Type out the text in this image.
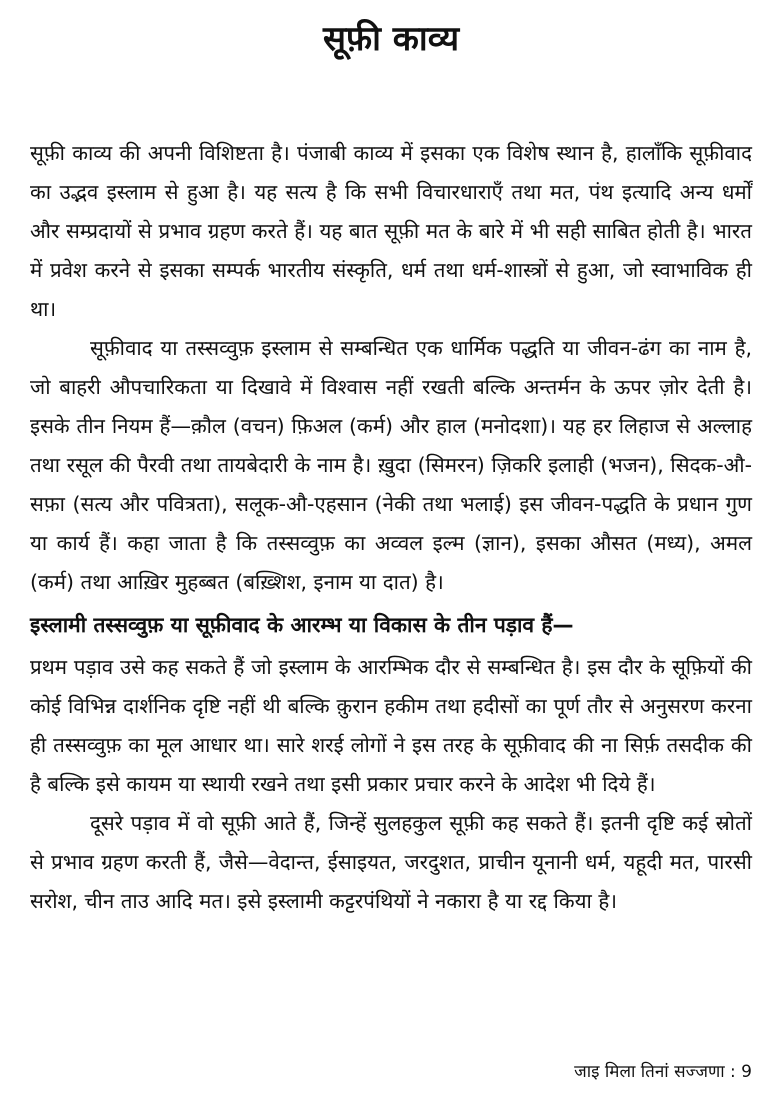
सूफ़ी काव्य

सूफ़ी काव्य की अपनी विशिष्टता है। पंजाबी काव्य में इसका एक विशेष स्थान है, हालाँकि सूफ़ीवाद का उद्भव इस्लाम से हुआ है। यह सत्य है कि सभी विचारधाराएँ तथा मत, पंथ इत्यादि अन्य धर्मों और सम्प्रदायों से प्रभाव ग्रहण करते हैं। यह बात सूफ़ी मत के बारे में भी सही साबित होती है। भारत में प्रवेश करने से इसका सम्पर्क भारतीय संस्कृति, धर्म तथा धर्म-शास्त्रों से हुआ, जो स्वाभाविक ही था।

सूफ़ीवाद या तस्सव्वुफ़ इस्लाम से सम्बन्धित एक धार्मिक पद्धति या जीवन-ढंग का नाम है, जो बाहरी औपचारिकता या दिखावे में विश्वास नहीं रखती बल्कि अन्तर्मन के ऊपर ज़ोर देती है। इसके तीन नियम हैं—क़ौल (वचन) फ़िअल (कर्म) और हाल (मनोदशा)। यह हर लिहाज से अल्लाह तथा रसूल की पैरवी तथा तायबेदारी के नाम है। ख़ुदा (सिमरन) ज़िकरि इलाही (भजन), सिदक-औ-सफ़ा (सत्य और पवित्रता), सलूक-औ-एहसान (नेकी तथा भलाई) इस जीवन-पद्धति के प्रधान गुण या कार्य हैं। कहा जाता है कि तस्सव्वुफ़ का अव्वल इल्म (ज्ञान), इसका औसत (मध्य), अमल (कर्म) तथा आख़िर मुहब्बत (बख़्शिश, इनाम या दात) है।

इस्लामी तस्सव्वुफ़ या सूफ़ीवाद के आरम्भ या विकास के तीन पड़ाव हैं—

प्रथम पड़ाव उसे कह सकते हैं जो इस्लाम के आरम्भिक दौर से सम्बन्धित है। इस दौर के सूफ़ियों की कोई विभिन्न दार्शनिक दृष्टि नहीं थी बल्कि क़ुरान हकीम तथा हदीसों का पूर्ण तौर से अनुसरण करना ही तस्सव्वुफ़ का मूल आधार था। सारे शरई लोगों ने इस तरह के सूफ़ीवाद की ना सिर्फ़ तसदीक की है बल्कि इसे कायम या स्थायी रखने तथा इसी प्रकार प्रचार करने के आदेश भी दिये हैं।

दूसरे पड़ाव में वो सूफ़ी आते हैं, जिन्हें सुलहकुल सूफ़ी कह सकते हैं। इतनी दृष्टि कई स्रोतों से प्रभाव ग्रहण करती हैं, जैसे—वेदान्त, ईसाइयत, जरदुशत, प्राचीन यूनानी धर्म, यहूदी मत, पारसी सरोश, चीन ताउ आदि मत। इसे इस्लामी कट्टरपंथियों ने नकारा है या रद्द किया है।

जाइ मिला तिनां सज्जणा : 9
